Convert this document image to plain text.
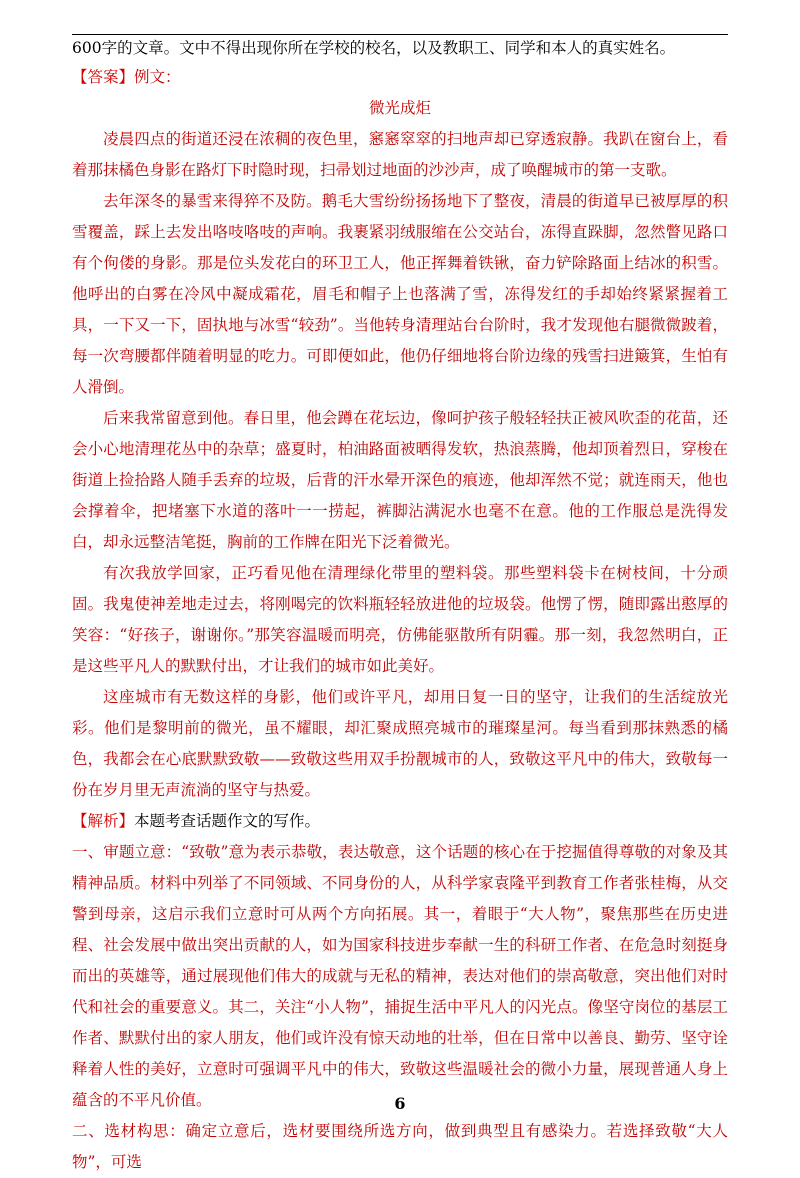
600字的文章。文中不得出现你所在学校的校名，以及教职工、同学和本人的真实姓名。

【答案】例文：

微光成炬

凌晨四点的街道还浸在浓稠的夜色里，窸窸窣窣的扫地声却已穿透寂静。我趴在窗台上，看着那抹橘色身影在路灯下时隐时现，扫帚划过地面的沙沙声，成了唤醒城市的第一支歌。

去年深冬的暴雪来得猝不及防。鹅毛大雪纷纷扬扬地下了整夜，清晨的街道早已被厚厚的积雪覆盖，踩上去发出咯吱咯吱的声响。我裹紧羽绒服缩在公交站台，冻得直跺脚，忽然瞥见路口有个佝偻的身影。那是位头发花白的环卫工人，他正挥舞着铁锹，奋力铲除路面上结冰的积雪。他呼出的白雾在冷风中凝成霜花，眉毛和帽子上也落满了雪，冻得发红的手却始终紧紧握着工具，一下又一下，固执地与冰雪“较劲”。当他转身清理站台台阶时，我才发现他右腿微微跛着，每一次弯腰都伴随着明显的吃力。可即便如此，他仍仔细地将台阶边缘的残雪扫进簸箕，生怕有人滑倒。

后来我常留意到他。春日里，他会蹲在花坛边，像呵护孩子般轻轻扶正被风吹歪的花苗，还会小心地清理花丛中的杂草；盛夏时，柏油路面被晒得发软，热浪蒸腾，他却顶着烈日，穿梭在街道上捡拾路人随手丢弃的垃圾，后背的汗水晕开深色的痕迹，他却浑然不觉；就连雨天，他也会撑着伞，把堵塞下水道的落叶一一捞起，裤脚沾满泥水也毫不在意。他的工作服总是洗得发白，却永远整洁笔挺，胸前的工作牌在阳光下泛着微光。

有次我放学回家，正巧看见他在清理绿化带里的塑料袋。那些塑料袋卡在树枝间，十分顽固。我鬼使神差地走过去，将刚喝完的饮料瓶轻轻放进他的垃圾袋。他愣了愣，随即露出憨厚的笑容：“好孩子，谢谢你。”那笑容温暖而明亮，仿佛能驱散所有阴霾。那一刻，我忽然明白，正是这些平凡人的默默付出，才让我们的城市如此美好。

这座城市有无数这样的身影，他们或许平凡，却用日复一日的坚守，让我们的生活绽放光彩。他们是黎明前的微光，虽不耀眼，却汇聚成照亮城市的璀璨星河。每当看到那抹熟悉的橘色，我都会在心底默默致敬——致敬这些用双手扮靓城市的人，致敬这平凡中的伟大，致敬每一份在岁月里无声流淌的坚守与热爱。

【解析】本题考查话题作文的写作。

一、审题立意：“致敬”意为表示恭敬，表达敬意，这个话题的核心在于挖掘值得尊敬的对象及其精神品质。材料中列举了不同领域、不同身份的人，从科学家袁隆平到教育工作者张桂梅，从交警到母亲，这启示我们立意时可从两个方向拓展。其一，着眼于“大人物”，聚焦那些在历史进程、社会发展中做出突出贡献的人，如为国家科技进步奉献一生的科研工作者、在危急时刻挺身而出的英雄等，通过展现他们伟大的成就与无私的精神，表达对他们的崇高敬意，突出他们对时代和社会的重要意义。其二，关注“小人物”，捕捉生活中平凡人的闪光点。像坚守岗位的基层工作者、默默付出的家人朋友，他们或许没有惊天动地的壮举，但在日常中以善良、勤劳、坚守诠释着人性的美好，立意时可强调平凡中的伟大，致敬这些温暖社会的微小力量，展现普通人身上蕴含的不平凡价值。

二、选材构思：确定立意后，选材要围绕所选方向，做到典型且有感染力。若选择致敬“大人物”，可选

6
